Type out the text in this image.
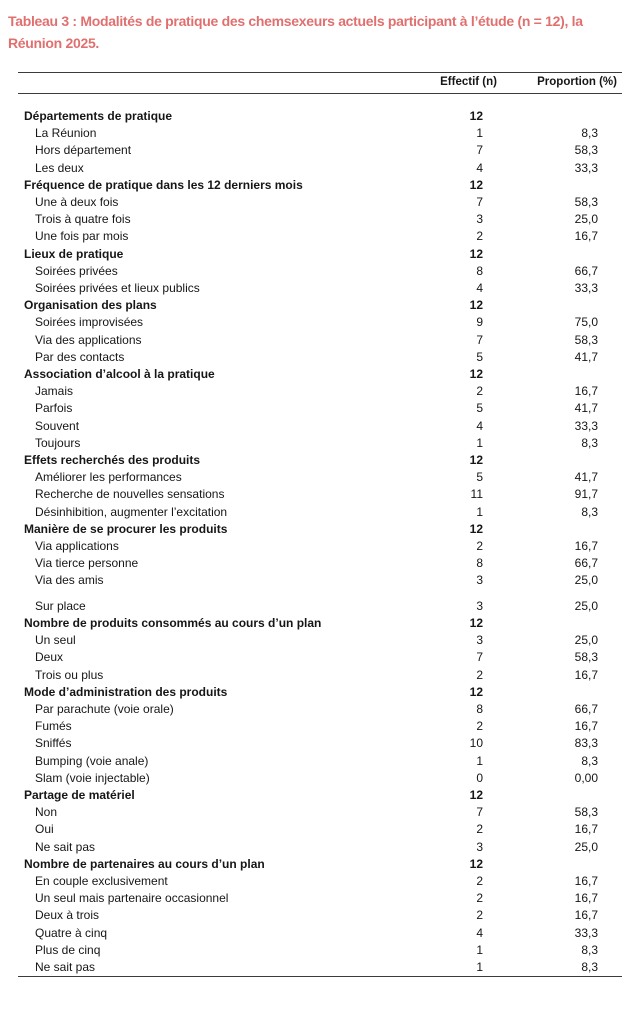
Tableau 3 : Modalités de pratique des chemsexeurs actuels participant à l’étude (n = 12), la Réunion 2025.

	Effectif (n)	Proportion (%)

Départements de pratique	12	
La Réunion	1	8,3
Hors département	7	58,3
Les deux	4	33,3
Fréquence de pratique dans les 12 derniers mois	12	
Une à deux fois	7	58,3
Trois à quatre fois	3	25,0
Une fois par mois	2	16,7
Lieux de pratique	12	
Soirées privées	8	66,7
Soirées privées et lieux publics	4	33,3
Organisation des plans	12	
Soirées improvisées	9	75,0
Via des applications	7	58,3
Par des contacts	5	41,7
Association d’alcool à la pratique	12	
Jamais	2	16,7
Parfois	5	41,7
Souvent	4	33,3
Toujours	1	8,3
Effets recherchés des produits	12	
Améliorer les performances	5	41,7
Recherche de nouvelles sensations	11	91,7
Désinhibition, augmenter l’excitation	1	8,3
Manière de se procurer les produits	12	
Via applications	2	16,7
Via tierce personne	8	66,7
Via des amis	3	25,0

Sur place	3	25,0
Nombre de produits consommés au cours d’un plan	12	
Un seul	3	25,0
Deux	7	58,3
Trois ou plus	2	16,7
Mode d’administration des produits	12	
Par parachute (voie orale)	8	66,7
Fumés	2	16,7
Sniffés	10	83,3
Bumping (voie anale)	1	8,3
Slam (voie injectable)	0	0,00
Partage de matériel	12	
Non	7	58,3
Oui	2	16,7
Ne sait pas	3	25,0
Nombre de partenaires au cours d’un plan	12	
En couple exclusivement	2	16,7
Un seul mais partenaire occasionnel	2	16,7
Deux à trois	2	16,7
Quatre à cinq	4	33,3
Plus de cinq	1	8,3
Ne sait pas	1	8,3
